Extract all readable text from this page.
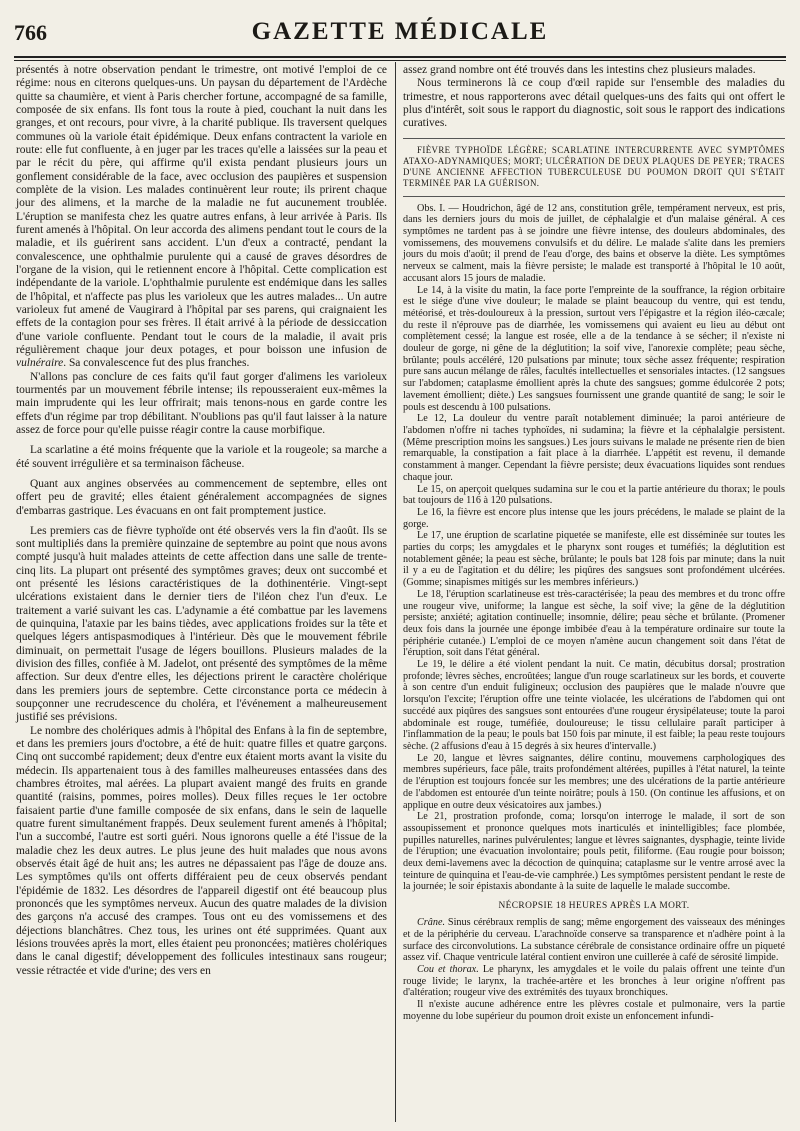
766	GAZETTE MÉDICALE

présentés à notre observation pendant le trimestre, ont motivé l'emploi de ce régime: nous en citerons quelques-uns. Un paysan du département de l'Ardèche quitte sa chaumière, et vient à Paris chercher fortune, accompagné de sa famille, composée de six enfans. Ils font tous la route à pied, couchant la nuit dans les granges, et ont recours, pour vivre, à la charité publique. Ils traversent quelques communes où la variole était épidémique. Deux enfans contractent la variole en route: elle fut confluente, à en juger par les traces qu'elle a laissées sur la peau et par le récit du père, qui affirme qu'il exista pendant plusieurs jours un gonflement considérable de la face, avec occlusion des paupières et suspension complète de la vision. Les malades continuèrent leur route; ils prirent chaque jour des alimens, et la marche de la maladie ne fut aucunement troublée. L'éruption se manifesta chez les quatre autres enfans, à leur arrivée à Paris. Ils furent amenés à l'hôpital. On leur accorda des alimens pendant tout le cours de la maladie, et ils guérirent sans accident. L'un d'eux a contracté, pendant la convalescence, une ophthalmie purulente qui a causé de graves désordres de l'organe de la vision, qui le retiennent encore à l'hôpital. Cette complication est indépendante de la variole. L'ophthalmie purulente est endémique dans les salles de l'hôpital, et n'affecte pas plus les varioleux que les autres malades... Un autre varioleux fut amené de Vaugirard à l'hôpital par ses parens, qui craignaient les effets de la contagion pour ses frères. Il était arrivé à la période de dessiccation d'une variole confluente. Pendant tout le cours de la maladie, il avait pris régulièrement chaque jour deux potages, et pour boisson une infusion de vulnéraire. Sa convalescence fut des plus franches.

N'allons pas conclure de ces faits qu'il faut gorger d'alimens les varioleux tourmentés par un mouvement fébrile intense; ils repousseraient eux-mêmes la main imprudente qui les leur offrirait; mais tenons-nous en garde contre les effets d'un régime par trop débilitant. N'oublions pas qu'il faut laisser à la nature assez de force pour qu'elle puisse réagir contre la cause morbifique.

La scarlatine a été moins fréquente que la variole et la rougeole; sa marche a été souvent irrégulière et sa terminaison fâcheuse.

Quant aux angines observées au commencement de septembre, elles ont offert peu de gravité; elles étaient généralement accompagnées de signes d'embarras gastrique. Les évacuans en ont fait promptement justice.

Les premiers cas de fièvre typhoïde ont été observés vers la fin d'août. Ils se sont multipliés dans la première quinzaine de septembre au point que nous avons compté jusqu'à huit malades atteints de cette affection dans une salle de trente-cinq lits. La plupart ont présenté des symptômes graves; deux ont succombé et ont présenté les lésions caractéristiques de la dothinentérie. Vingt-sept ulcérations existaient dans le dernier tiers de l'iléon chez l'un d'eux. Le traitement a varié suivant les cas. L'adynamie a été combattue par les lavemens de quinquina, l'ataxie par les bains tièdes, avec applications froides sur la tête et quelques légers antispasmodiques à l'intérieur. Dès que le mouvement fébrile diminuait, on permettait l'usage de légers bouillons. Plusieurs malades de la division des filles, confiée à M. Jadelot, ont présenté des symptômes de la même affection. Sur deux d'entre elles, les déjections prirent le caractère cholérique dans les premiers jours de septembre. Cette circonstance porta ce médecin à soupçonner une recrudescence du choléra, et l'événement a malheureusement justifié ses prévisions.

Le nombre des cholériques admis à l'hôpital des Enfans à la fin de septembre, et dans les premiers jours d'octobre, a été de huit: quatre filles et quatre garçons. Cinq ont succombé rapidement; deux d'entre eux étaient morts avant la visite du médecin. Ils appartenaient tous à des familles malheureuses entassées dans des chambres étroites, mal aérées. La plupart avaient mangé des fruits en grande quantité (raisins, pommes, poires molles). Deux filles reçues le 1er octobre faisaient partie d'une famille composée de six enfans, dans le sein de laquelle quatre furent simultanément frappés. Deux seulement furent amenés à l'hôpital; l'un a succombé, l'autre est sorti guéri. Nous ignorons quelle a été l'issue de la maladie chez les deux autres. Le plus jeune des huit malades que nous avons observés était âgé de huit ans; les autres ne dépassaient pas l'âge de douze ans. Les symptômes qu'ils ont offerts différaient peu de ceux observés pendant l'épidémie de 1832. Les désordres de l'appareil digestif ont été beaucoup plus prononcés que les symptômes nerveux. Aucun des quatre malades de la division des garçons n'a accusé des crampes. Tous ont eu des vomissemens et des déjections blanchâtres. Chez tous, les urines ont été supprimées. Quant aux lésions trouvées après la mort, elles étaient peu prononcées; matières cholériques dans le canal digestif; développement des follicules intestinaux sans rougeur; vessie rétractée et vide d'urine; des vers en

assez grand nombre ont été trouvés dans les intestins chez plusieurs malades.

Nous terminerons là ce coup d'œil rapide sur l'ensemble des maladies du trimestre, et nous rapporterons avec détail quelques-uns des faits qui ont offert le plus d'intérêt, soit sous le rapport du diagnostic, soit sous le rapport des indications curatives.

FIÈVRE TYPHOÏDE LÉGÈRE; SCARLATINE INTERCURRENTE AVEC SYMPTÔMES ATAXO-ADYNAMIQUES; MORT; ULCÉRATION DE DEUX PLAQUES DE PEYER; TRACES D'UNE ANCIENNE AFFECTION TUBERCULEUSE DU POUMON DROIT QUI S'ÉTAIT TERMINÉE PAR LA GUÉRISON.

Obs. I. — Houdrichon, âgé de 12 ans, constitution grêle, tempérament nerveux, est pris, dans les derniers jours du mois de juillet, de céphalalgie et d'un malaise général. A ces symptômes ne tardent pas à se joindre une fièvre intense, des douleurs abdominales, des vomissemens, des mouvemens convulsifs et du délire. Le malade s'alite dans les premiers jours du mois d'août; il prend de l'eau d'orge, des bains et observe la diète. Les symptômes nerveux se calment, mais la fièvre persiste; le malade est transporté à l'hôpital le 10 août, accusant alors 15 jours de maladie.

Le 14, à la visite du matin, la face porte l'empreinte de la souffrance, la région orbitaire est le siége d'une vive douleur; le malade se plaint beaucoup du ventre, qui est tendu, météorisé, et très-douloureux à la pression, surtout vers l'épigastre et la région iléo-cæcale; du reste il n'éprouve pas de diarrhée, les vomissemens qui avaient eu lieu au début ont complètement cessé; la langue est rosée, elle a de la tendance à se sécher; il n'existe ni douleur de gorge, ni gêne de la déglutition; la soif vive, l'anorexie complète; peau sèche, brûlante; pouls accéléré, 120 pulsations par minute; toux sèche assez fréquente; respiration pure sans aucun mélange de râles, facultés intellectuelles et sensoriales intactes. (12 sangsues sur l'abdomen; cataplasme émollient après la chute des sangsues; gomme édulcorée 2 pots; lavement émollient; diète.) Les sangsues fournissent une grande quantité de sang; le soir le pouls est descendu à 100 pulsations.

Le 12, La douleur du ventre paraît notablement diminuée; la paroi antérieure de l'abdomen n'offre ni taches typhoïdes, ni sudamina; la fièvre et la céphalalgie persistent. (Même prescription moins les sangsues.) Les jours suivans le malade ne présente rien de bien remarquable, la constipation a fait place à la diarrhée. L'appétit est revenu, il demande constamment à manger. Cependant la fièvre persiste; deux évacuations liquides sont rendues chaque jour.

Le 15, on aperçoit quelques sudamina sur le cou et la partie antérieure du thorax; le pouls bat toujours de 116 à 120 pulsations.

Le 16, la fièvre est encore plus intense que les jours précédens, le malade se plaint de la gorge.

Le 17, une éruption de scarlatine piquetée se manifeste, elle est disséminée sur toutes les parties du corps; les amygdales et le pharynx sont rouges et tuméfiés; la déglutition est notablement gênée; la peau est sèche, brûlante; le pouls bat 128 fois par minute; dans la nuit il y a eu de l'agitation et du délire; les piqûres des sangsues sont profondément ulcérées. (Gomme; sinapismes mitigés sur les membres inférieurs.)

Le 18, l'éruption scarlatineuse est très-caractérisée; la peau des membres et du tronc offre une rougeur vive, uniforme; la langue est sèche, la soif vive; la gêne de la déglutition persiste; anxiété; agitation continuelle; insomnie, délire; peau sèche et brûlante. (Promener deux fois dans la journée une éponge imbibée d'eau à la température ordinaire sur toute la périphérie cutanée.) L'emploi de ce moyen n'amène aucun changement soit dans l'état de l'éruption, soit dans l'état général.

Le 19, le délire a été violent pendant la nuit. Ce matin, décubitus dorsal; prostration profonde; lèvres sèches, encroûtées; langue d'un rouge scarlatineux sur les bords, et couverte à son centre d'un enduit fuligineux; occlusion des paupières que le malade n'ouvre que lorsqu'on l'excite; l'éruption offre une teinte violacée, les ulcérations de l'abdomen qui ont succédé aux piqûres des sangsues sont entourées d'une rougeur érysipélateuse; toute la paroi abdominale est rouge, tuméfiée, douloureuse; le tissu cellulaire paraît participer à l'inflammation de la peau; le pouls bat 150 fois par minute, il est faible; la peau reste toujours sèche. (2 affusions d'eau à 15 degrés à six heures d'intervalle.)

Le 20, langue et lèvres saignantes, délire continu, mouvemens carphologiques des membres supérieurs, face pâle, traits profondément altérées, pupilles à l'état naturel, la teinte de l'éruption est toujours foncée sur les membres; une des ulcérations de la partie antérieure de l'abdomen est entourée d'un teinte noirâtre; pouls à 150. (On continue les affusions, et on applique en outre deux vésicatoires aux jambes.)

Le 21, prostration profonde, coma; lorsqu'on interroge le malade, il sort de son assoupissement et prononce quelques mots inarticulés et inintelligibles; face plombée, pupilles naturelles, narines pulvérulentes; langue et lèvres saignantes, dysphagie, teinte livide de l'éruption; une évacuation involontaire; pouls petit, filiforme. (Eau rougie pour boisson; deux demi-lavemens avec la décoction de quinquina; cataplasme sur le ventre arrosé avec la teinture de quinquina et l'eau-de-vie camphrée.) Les symptômes persistent pendant le reste de la journée; le soir épistaxis abondante à la suite de laquelle le malade succombe.

NÉCROPSIE 18 HEURES APRÈS LA MORT.

Crâne. Sinus cérébraux remplis de sang; même engorgement des vaisseaux des méninges et de la périphérie du cerveau. L'arachnoïde conserve sa transparence et n'adhère point à la surface des circonvolutions. La substance cérébrale de consistance ordinaire offre un piqueté assez vif. Chaque ventricule latéral contient environ une cuillerée à café de sérosité limpide.

Cou et thorax. Le pharynx, les amygdales et le voile du palais offrent une teinte d'un rouge livide; le larynx, la trachée-artère et les bronches à leur origine n'offrent pas d'altération; rougeur vive des extrémités des tuyaux bronchiques.

Il n'existe aucune adhérence entre les plèvres costale et pulmonaire, vers la partie moyenne du lobe supérieur du poumon droit existe un enfoncement infundi-
